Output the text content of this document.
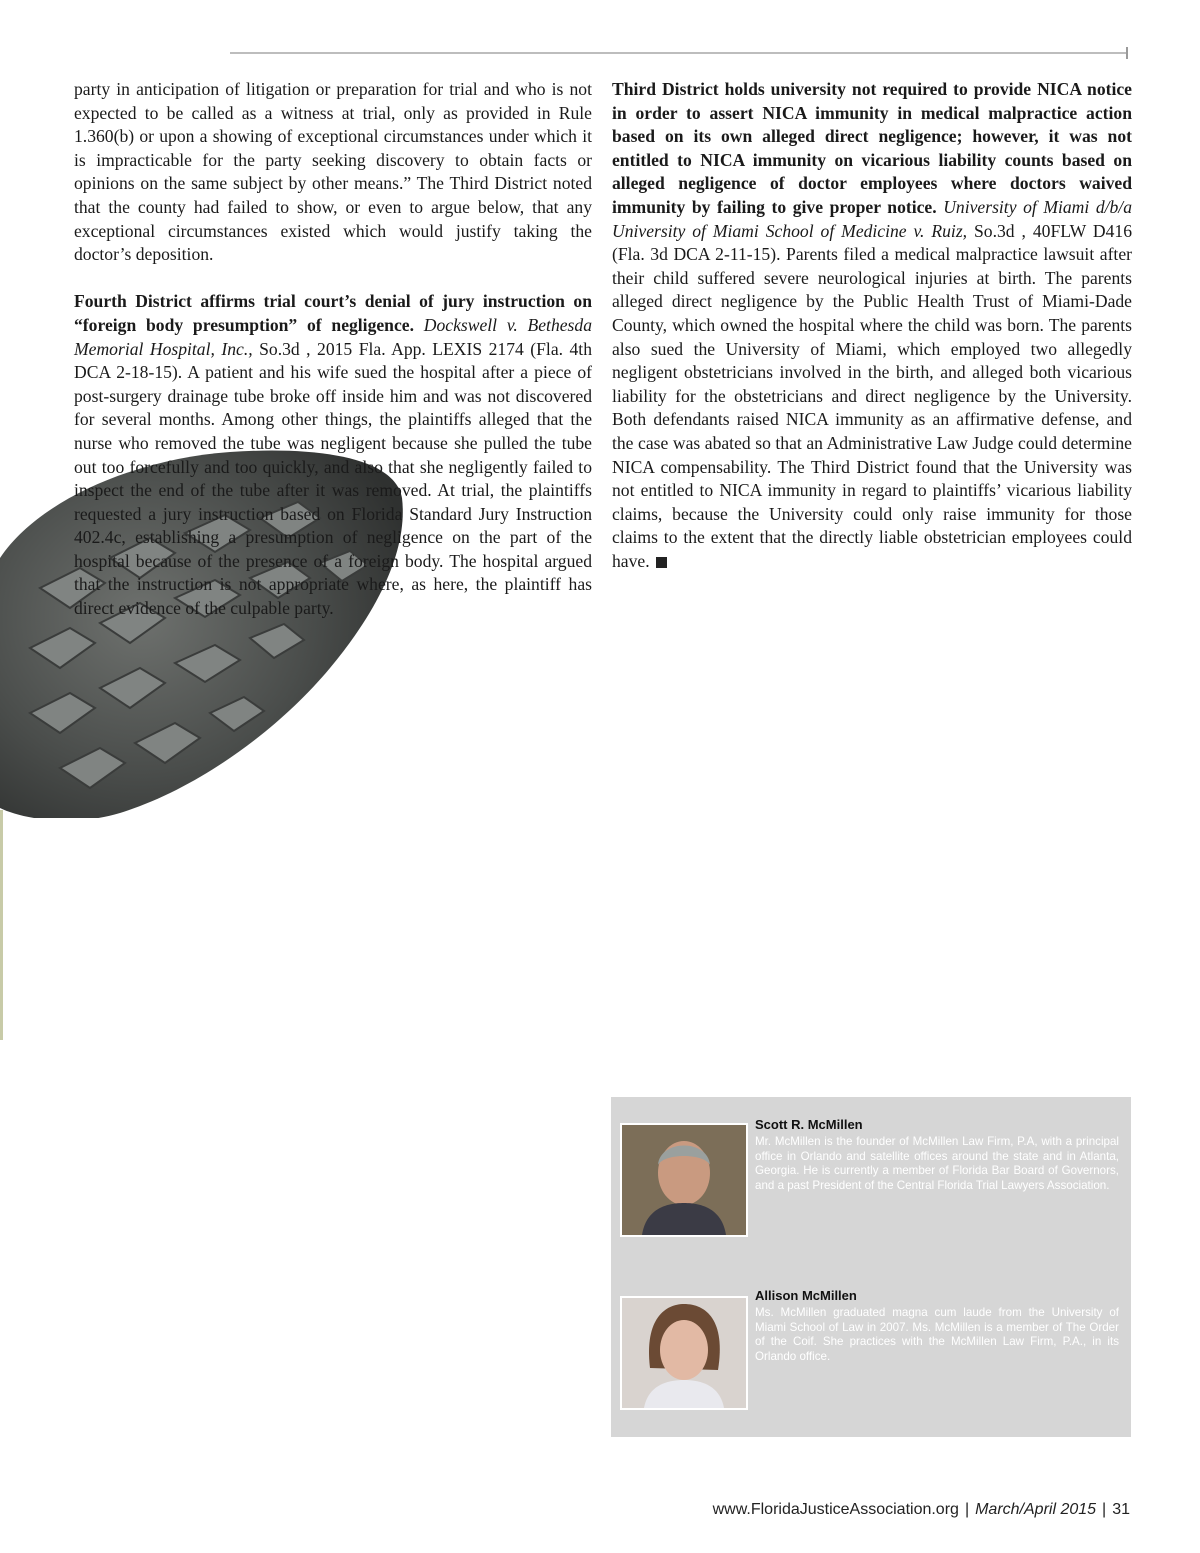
party in anticipation of litigation or preparation for trial and who is not expected to be called as a witness at trial, only as provided in Rule 1.360(b) or upon a showing of exceptional circumstances under which it is impracticable for the party seeking discovery to obtain facts or opinions on the same subject by other means.” The Third District noted that the county had failed to show, or even to argue below, that any exceptional circumstances existed which would justify taking the doctor’s deposition.

Fourth District affirms trial court’s denial of jury instruction on “foreign body presumption” of negligence. Dockswell v. Bethesda Memorial Hospital, Inc., So.3d , 2015 Fla. App. LEXIS 2174 (Fla. 4th DCA 2-18-15). A patient and his wife sued the hospital after a piece of post-surgery drainage tube broke off inside him and was not discovered for several months. Among other things, the plaintiffs alleged that the nurse who removed the tube was negligent because she pulled the tube out too forcefully and too quickly, and also that she negligently failed to inspect the end of the tube after it was removed. At trial, the plaintiffs requested a jury instruction based on Florida Standard Jury Instruction 402.4c, establishing a presumption of negligence on the part of the hospital because of the presence of a foreign body. The hospital argued that the instruction is not appropriate where, as here, the plaintiff has direct evidence of the culpable party.

Third District holds university not required to provide NICA notice in order to assert NICA immunity in medical malpractice action based on its own alleged direct negligence; however, it was not entitled to NICA immunity on vicarious liability counts based on alleged negligence of doctor employees where doctors waived immunity by failing to give proper notice. University of Miami d/b/a University of Miami School of Medicine v. Ruiz, So.3d , 40FLW D416 (Fla. 3d DCA 2-11-15). Parents filed a medical malpractice lawsuit after their child suffered severe neurological injuries at birth. The parents alleged direct negligence by the Public Health Trust of Miami-Dade County, which owned the hospital where the child was born. The parents also sued the University of Miami, which employed two allegedly negligent obstetricians involved in the birth, and alleged both vicarious liability for the obstetricians and direct negligence by the University. Both defendants raised NICA immunity as an affirmative defense, and the case was abated so that an Administrative Law Judge could determine NICA compensability. The Third District found that the University was not entitled to NICA immunity in regard to plaintiffs’ vicarious liability claims, because the University could only raise immunity for those claims to the extent that the directly liable obstetrician employees could have.

Scott R. McMillen
Mr. McMillen is the founder of McMillen Law Firm, P.A, with a principal office in Orlando and satellite offices around the state and in Atlanta, Georgia. He is currently a member of Florida Bar Board of Governors, and a past President of the Central Florida Trial Lawyers Association.
Allison McMillen
Ms. McMillen graduated magna cum laude from the University of Miami School of Law in 2007. Ms. McMillen is a member of The Order of the Coif. She practices with the McMillen Law Firm, P.A., in its Orlando office.
www.FloridaJusticeAssociation.org | March/April 2015 | 31
